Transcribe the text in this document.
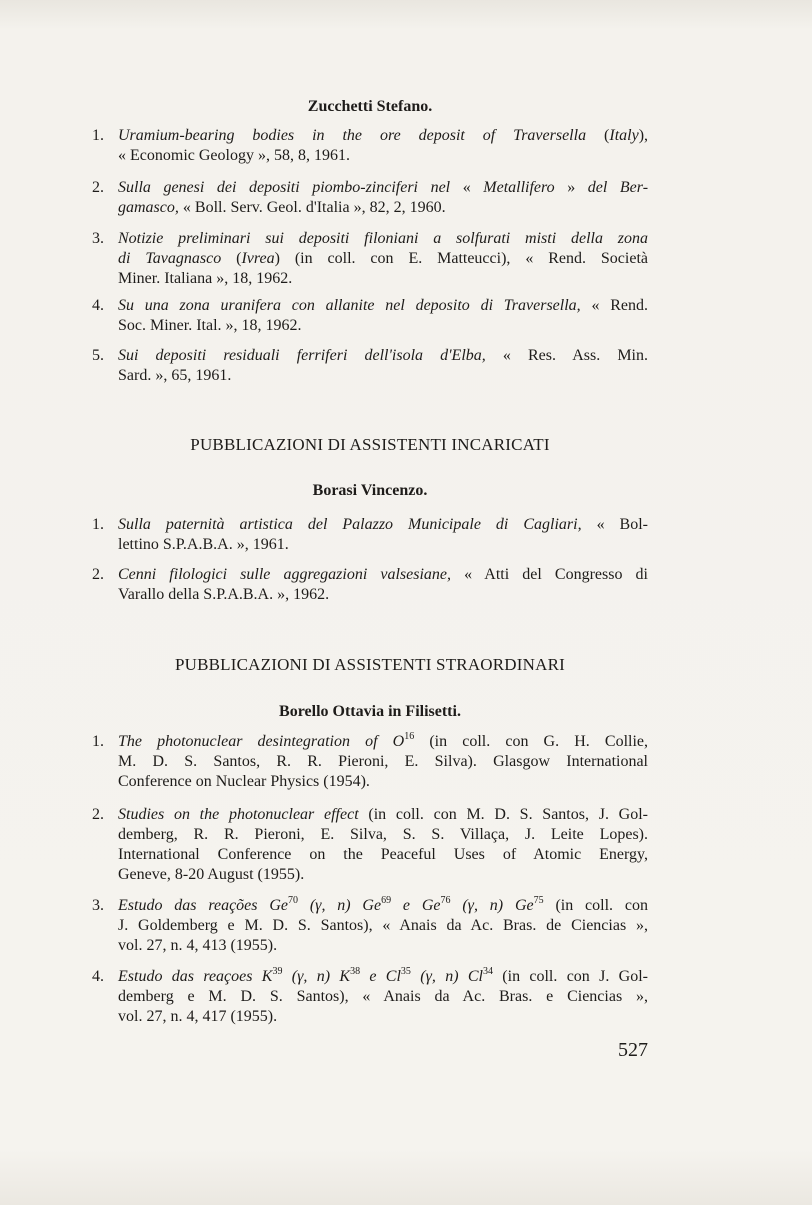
Zucchetti Stefano.
1. Uramium-bearing bodies in the ore deposit of Traversella (Italy),
« Economic Geology », 58, 8, 1961.
2. Sulla genesi dei depositi piombo-zinciferi nel « Metallifero » del Ber-
gamasco, « Boll. Serv. Geol. d'Italia », 82, 2, 1960.
3. Notizie preliminari sui depositi filoniani a solfurati misti della zona
di Tavagnasco (Ivrea) (in coll. con E. Matteucci), « Rend. Società
Miner. Italiana », 18, 1962.
4. Su una zona uranifera con allanite nel deposito di Traversella, « Rend.
Soc. Miner. Ital. », 18, 1962.
5. Sui depositi residuali ferriferi dell'isola d'Elba, « Res. Ass. Min.
Sard. », 65, 1961.
PUBBLICAZIONI DI ASSISTENTI INCARICATI
Borasi Vincenzo.
1. Sulla paternità artistica del Palazzo Municipale di Cagliari, « Bol-
lettino S.P.A.B.A. », 1961.
2. Cenni filologici sulle aggregazioni valsesiane, « Atti del Congresso di
Varallo della S.P.A.B.A. », 1962.
PUBBLICAZIONI DI ASSISTENTI STRAORDINARI
Borello Ottavia in Filisetti.
1. The photonuclear desintegration of $O^{16}$ (in coll. con G. H. Collie,
M. D. S. Santos, R. R. Pieroni, E. Silva). Glasgow International
Conference on Nuclear Physics (1954).
2. Studies on the photonuclear effect (in coll. con M. D. S. Santos, J. Gol-
demberg, R. R. Pieroni, E. Silva, S. S. Villaça, J. Leite Lopes).
International Conference on the Peaceful Uses of Atomic Energy,
Geneve, 8-20 August (1955).
3. Estudo das reações Ge$^{70}$ (γ, n) Ge$^{69}$ e Ge$^{76}$ (γ, n) Ge$^{75}$ (in coll. con
J. Goldemberg e M. D. S. Santos), « Anais da Ac. Bras. de Ciencias »,
vol. 27, n. 4, 413 (1955).
4. Estudo das reaçoes $K^{39}$ (γ, n) $K^{38}$ e Cl$^{35}$ (γ, n) Cl$^{34}$ (in coll. con J. Gol-
demberg e M. D. S. Santos), « Anais da Ac. Bras. e Ciencias »,
vol. 27, n. 4, 417 (1955).
527
